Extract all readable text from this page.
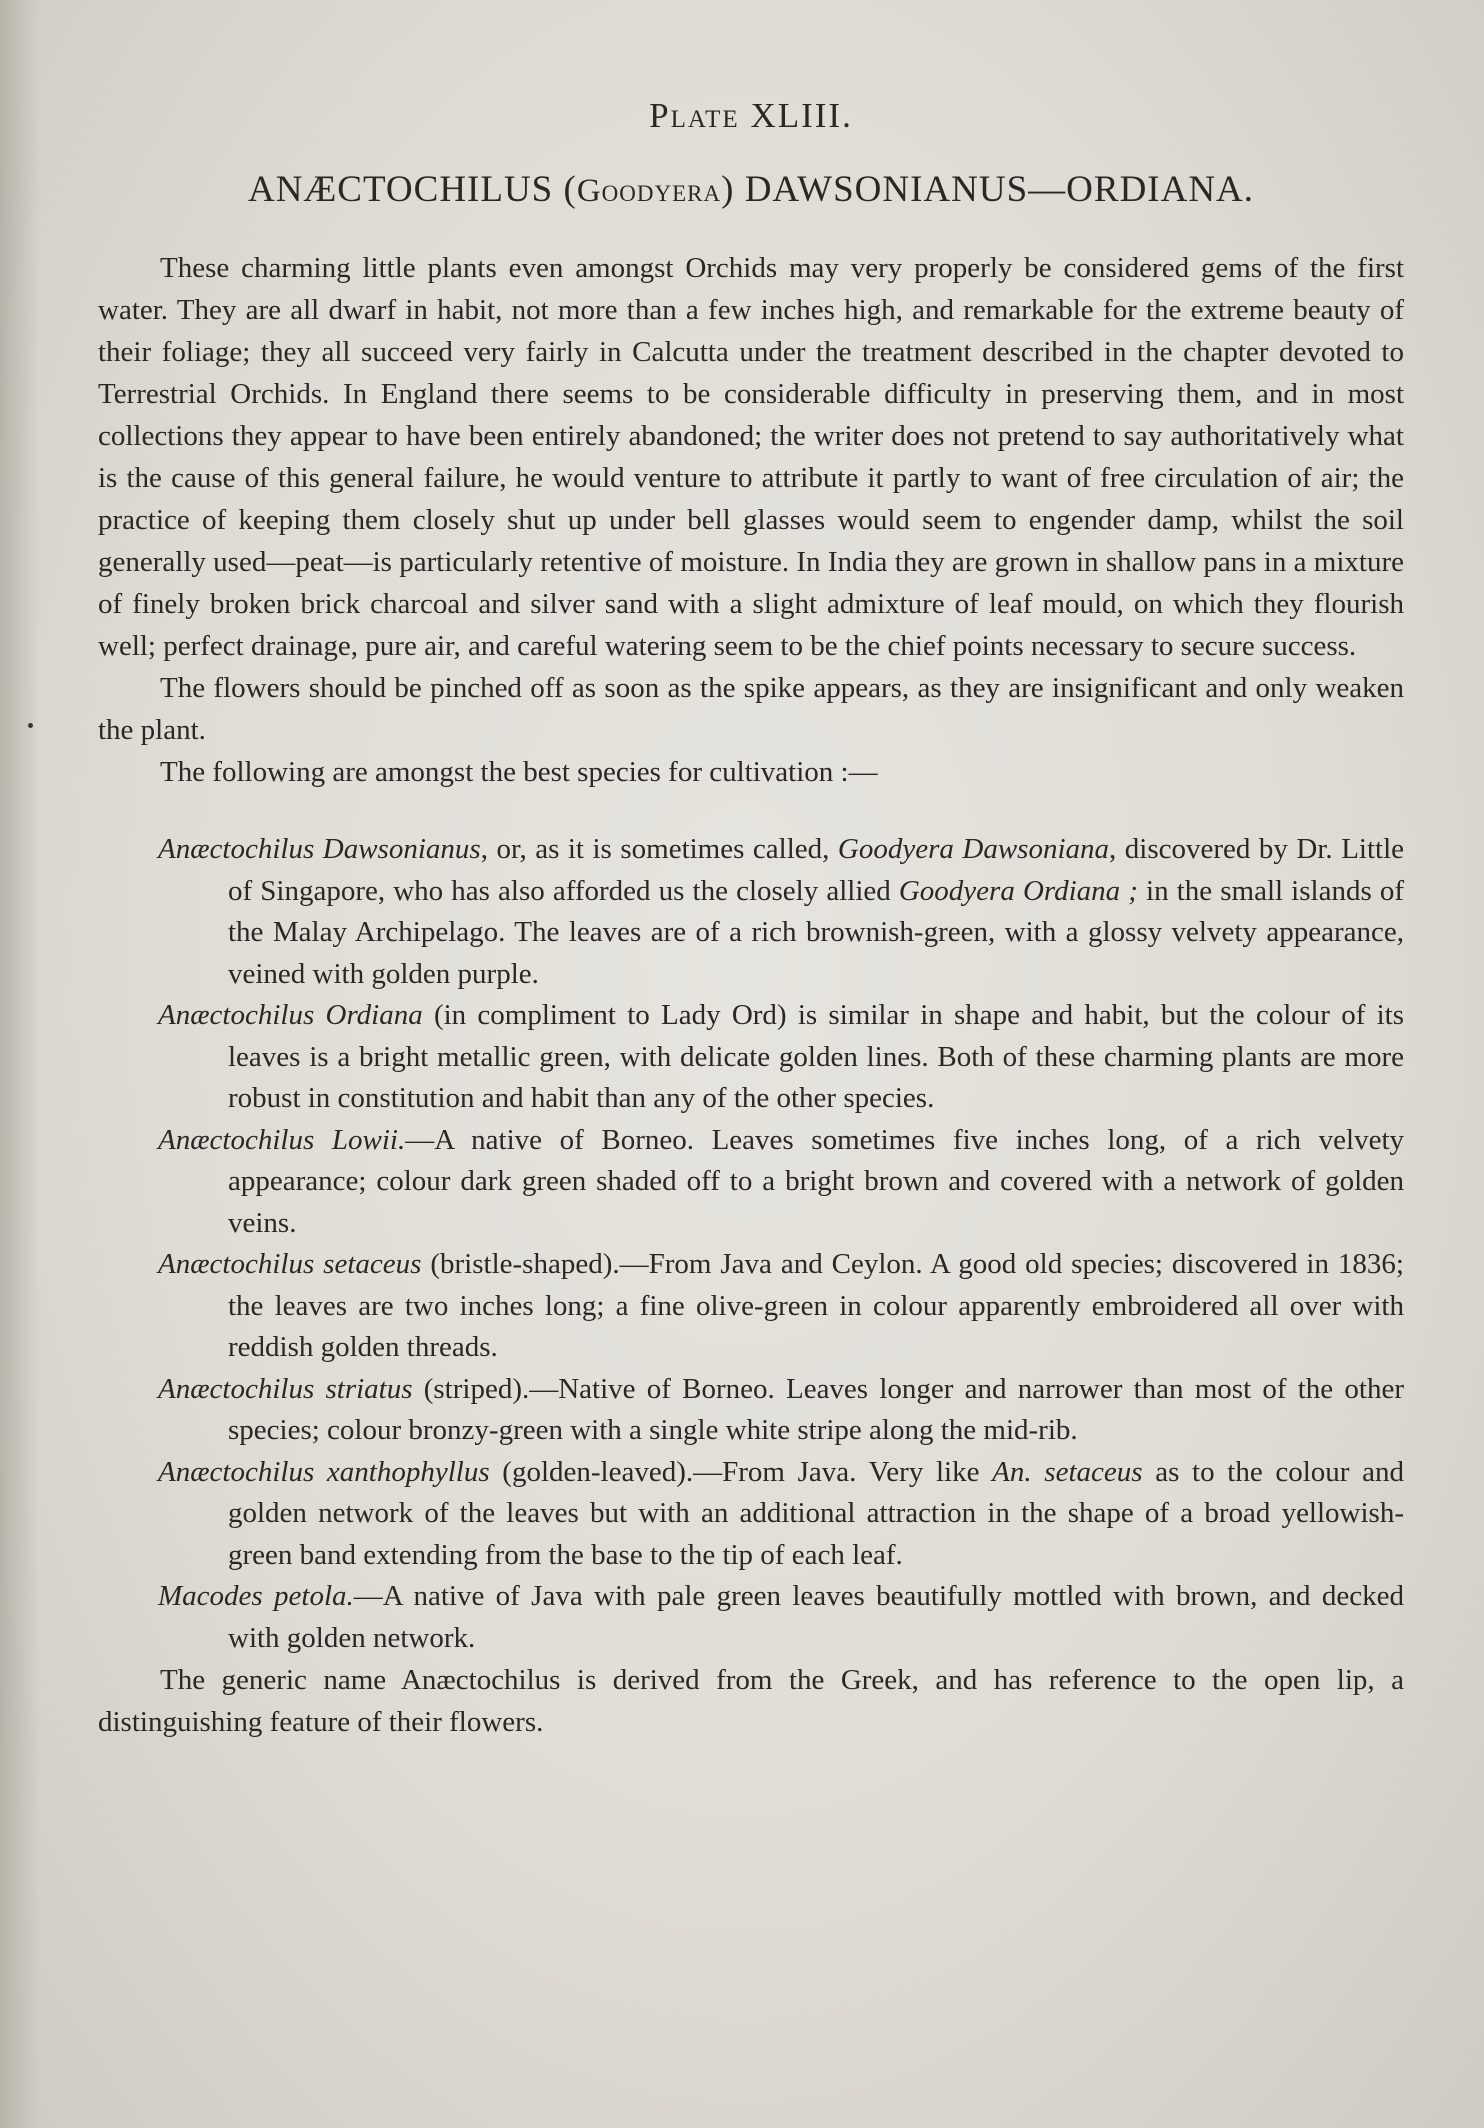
Plate XLIII.
ANÆCTOCHILUS (Goodyera) DAWSONIANUS—ORDIANA.

These charming little plants even amongst Orchids may very properly be considered gems of the first water. They are all dwarf in habit, not more than a few inches high, and remarkable for the extreme beauty of their foliage; they all succeed very fairly in Calcutta under the treatment described in the chapter devoted to Terrestrial Orchids. In England there seems to be considerable difficulty in preserving them, and in most collections they appear to have been entirely abandoned; the writer does not pretend to say authoritatively what is the cause of this general failure, he would venture to attribute it partly to want of free circulation of air; the practice of keeping them closely shut up under bell glasses would seem to engender damp, whilst the soil generally used—peat—is particularly retentive of moisture. In India they are grown in shallow pans in a mixture of finely broken brick charcoal and silver sand with a slight admixture of leaf mould, on which they flourish well; perfect drainage, pure air, and careful watering seem to be the chief points necessary to secure success.

The flowers should be pinched off as soon as the spike appears, as they are insignificant and only weaken the plant.

The following are amongst the best species for cultivation :—

Anæctochilus Dawsonianus, or, as it is sometimes called, Goodyera Dawsoniana, discovered by Dr. Little of Singapore, who has also afforded us the closely allied Goodyera Ordiana ; in the small islands of the Malay Archipelago. The leaves are of a rich brownish-green, with a glossy velvety appearance, veined with golden purple.

Anæctochilus Ordiana (in compliment to Lady Ord) is similar in shape and habit, but the colour of its leaves is a bright metallic green, with delicate golden lines. Both of these charming plants are more robust in constitution and habit than any of the other species.

Anæctochilus Lowii.—A native of Borneo. Leaves sometimes five inches long, of a rich velvety appearance; colour dark green shaded off to a bright brown and covered with a network of golden veins.

Anæctochilus setaceus (bristle-shaped).—From Java and Ceylon. A good old species; discovered in 1836; the leaves are two inches long; a fine olive-green in colour apparently embroidered all over with reddish golden threads.

Anæctochilus striatus (striped).—Native of Borneo. Leaves longer and narrower than most of the other species; colour bronzy-green with a single white stripe along the mid-rib.

Anæctochilus xanthophyllus (golden-leaved).—From Java. Very like An. setaceus as to the colour and golden network of the leaves but with an additional attraction in the shape of a broad yellowish-green band extending from the base to the tip of each leaf.

Macodes petola.—A native of Java with pale green leaves beautifully mottled with brown, and decked with golden network.

The generic name Anæctochilus is derived from the Greek, and has reference to the open lip, a distinguishing feature of their flowers.
